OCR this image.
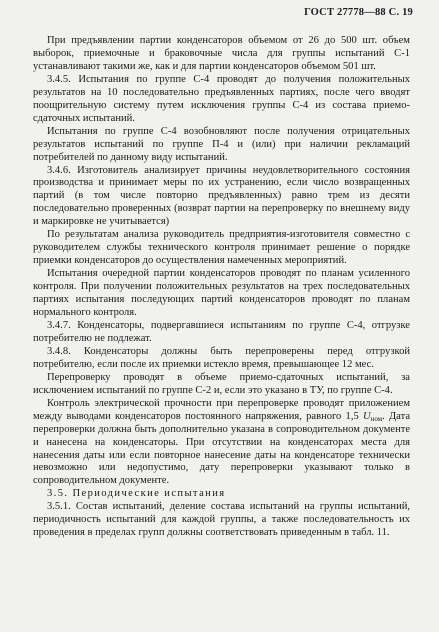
ГОСТ 27778—88 С. 19

При предъявлении партии конденсаторов объемом от 26 до 500 шт. объем выборок, приемочные и браковочные числа для группы испытаний С-1 устанавливают такими же, как и для партии конденсаторов объемом 501 шт.

3.4.5. Испытания по группе С-4 проводят до получения положительных результатов на 10 последовательно предъявленных партиях, после чего вводят поощрительную систему путем исключения группы С-4 из состава приемо-сдаточных испытаний.

Испытания по группе С-4 возобновляют после получения отрицательных результатов испытаний по группе П-4 и (или) при наличии рекламаций потребителей по данному виду испытаний.

3.4.6. Изготовитель анализирует причины неудовлетворительного состояния производства и принимает меры по их устранению, если число возвращенных партий (в том числе повторно предъявленных) равно трем из десяти последовательно проверенных (возврат партии на перепроверку по внешнему виду и маркировке не учитывается)

По результатам анализа руководитель предприятия-изготовителя совместно с руководителем службы технического контроля принимает решение о порядке приемки конденсаторов до осуществления намеченных мероприятий.

Испытания очередной партии конденсаторов проводят по планам усиленного контроля. При получении положительных результатов на трех последовательных партиях испытания последующих партий конденсаторов проводят по планам нормального контроля.

3.4.7. Конденсаторы, подвергавшиеся испытаниям по группе С-4, отгрузке потребителю не подлежат.

3.4.8. Конденсаторы должны быть перепроверены перед отгрузкой потребителю, если после их приемки истекло время, превышающее 12 мес.

Перепроверку проводят в объеме приемо-сдаточных испытаний, за исключением испытаний по группе С-2 и, если это указано в ТУ, по группе С-4.

Контроль электрической прочности при перепроверке проводят приложением между выводами конденсаторов постоянного напряжения, равного 1,5 $U_{ном}$. Дата перепроверки должна быть дополнительно указана в сопроводительном документе и нанесена на конденсаторы. При отсутствии на конденсаторах места для нанесения даты или если повторное нанесение даты на конденсаторе технически невозможно или недопустимо, дату перепроверки указывают только в сопроводительном документе.

3.5. Периодические испытания

3.5.1. Состав испытаний, деление состава испытаний на группы испытаний, периодичность испытаний для каждой группы, а также последовательность их проведения в пределах групп должны соответствовать приведенным в табл. 11.
